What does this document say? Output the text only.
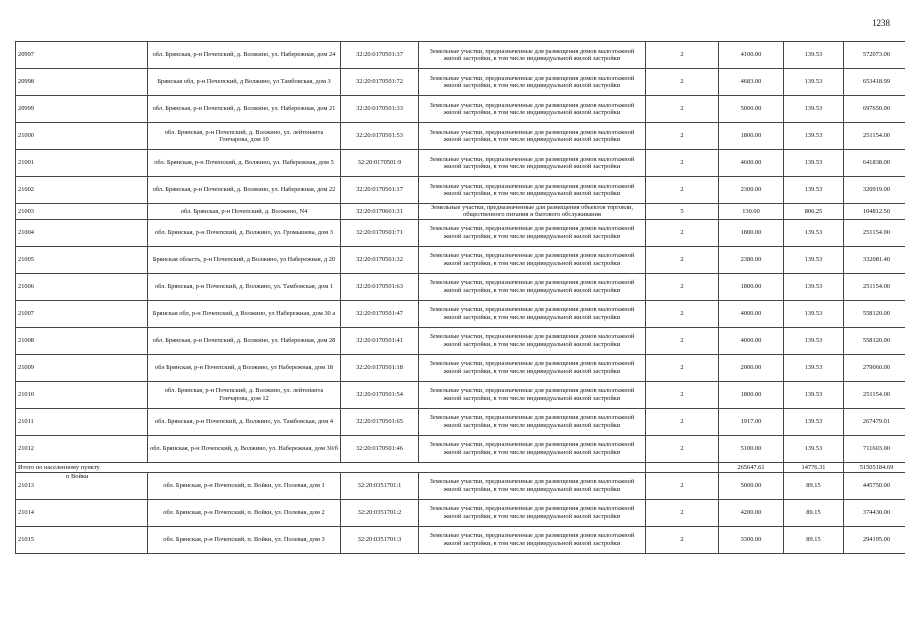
1238
20997	обл. Брянская, р-н Почепский, д. Волжино, ул. Набережная, дом 24	32:20:0170501:37	Земельные участки, предназначенные для размещения домов малоэтажной жилой застройки, в том числе индивидуальной жилой застройки	2	4100.00	139.53	572073.00
20998	Брянская обл, р-н Почепский, д Волжино, ул Тамбовская, дом 3	32:20:0170501:72	Земельные участки, предназначенные для размещения домов малоэтажной жилой застройки, в том числе индивидуальной жилой застройки	2	4683.00	139.53	653418.99
20999	обл. Брянская, р-н Почепский, д. Волжино, ул. Набережная, дом 21	32:20:0170501:33	Земельные участки, предназначенные для размещения домов малоэтажной жилой застройки, в том числе индивидуальной жилой застройки	2	5000.00	139.53	697650.00
21000	обл. Брянская, р-н Почепский, д. Волжино, ул. лейтенанта Гончарова, дом 10	32:20:0170501:53	Земельные участки, предназначенные для размещения домов малоэтажной жилой застройки, в том числе индивидуальной жилой застройки	2	1800.00	139.53	251154.00
21001	обл. Брянская, р-н Почепский, д. Волжино, ул. Набережная, дом 5	32:20:0170501:9	Земельные участки, предназначенные для размещения домов малоэтажной жилой застройки, в том числе индивидуальной жилой застройки	2	4600.00	139.53	641838.00
21002	обл. Брянская, р-н Почепский, д. Волжино, ул. Набережная, дом 22	32:20:0170501:17	Земельные участки, предназначенные для размещения домов малоэтажной жилой застройки, в том числе индивидуальной жилой застройки	2	2300.00	139.53	320919.00
21003	обл. Брянская, р-н Почепский, д. Волжино, N4	32:20:0170601:31	Земельные участки, предназначенные для размещения объектов торговли, общественного питания и бытового обслуживания	5	130.00	806.25	104812.50
21004	обл. Брянская, р-н Почепский, д. Волжино, ул. Громышева, дом 3	32:20:0170501:71	Земельные участки, предназначенные для размещения домов малоэтажной жилой застройки, в том числе индивидуальной жилой застройки	2	1800.00	139.53	251154.00
21005	Брянская область, р-н Почепский, д Волжино, ул Набережная, д 20	32:20:0170501:32	Земельные участки, предназначенные для размещения домов малоэтажной жилой застройки, в том числе индивидуальной жилой застройки	2	2380.00	139.53	332081.40
21006	обл. Брянская, р-н Почепский, д. Волжино, ул. Тамбовская, дом 1	32:20:0170501:63	Земельные участки, предназначенные для размещения домов малоэтажной жилой застройки, в том числе индивидуальной жилой застройки	2	1800.00	139.53	251154.00
21007	Брянская обл, р-н Почепский, д Волжино, ул Набережная, дом 30 а	32:20:0170501:47	Земельные участки, предназначенные для размещения домов малоэтажной жилой застройки, в том числе индивидуальной жилой застройки	2	4000.00	139.53	558120.00
21008	обл. Брянская, р-н Почепский, д. Волжино, ул. Набережная, дом 28	32:20:0170501:41	Земельные участки, предназначенные для размещения домов малоэтажной жилой застройки, в том числе индивидуальной жилой застройки	2	4000.00	139.53	558120.00
21009	обл Брянская, р-н Почепский, д Волжино, ул Набережная, дом 18	32:20:0170501:18	Земельные участки, предназначенные для размещения домов малоэтажной жилой застройки, в том числе индивидуальной жилой застройки	2	2000.00	139.53	279060.00
21010	обл. Брянская, р-н Почепский, д. Волжино, ул. лейтенанта Гончарова, дом 12	32:20:0170501:54	Земельные участки, предназначенные для размещения домов малоэтажной жилой застройки, в том числе индивидуальной жилой застройки	2	1800.00	139.53	251154.00
21011	обл. Брянская, р-н Почепский, д. Волжино, ул. Тамбовская, дом 4	32:20:0170501:65	Земельные участки, предназначенные для размещения домов малоэтажной жилой застройки, в том числе индивидуальной жилой застройки	2	1917.00	139.53	267479.01
21012	обл. Брянская, р-н Почепский, д. Волжино, ул. Набережная, дом 30/б	32:20:0170501:46	Земельные участки, предназначенные для размещения домов малоэтажной жилой застройки, в том числе индивидуальной жилой застройки	2	5100.00	139.53	711603.00
Итого по населенному пункту					265647.61	14776.31	51505184.69

п Войки
21013	обл. Брянская, р-н Почепский, п. Войки, ул. Полевая, дом 1	32:20:0351701:1	Земельные участки, предназначенные для размещения домов малоэтажной жилой застройки, в том числе индивидуальной жилой застройки	2	5000.00	89.15	445750.00
21014	обл. Брянская, р-н Почепский, п. Войки, ул. Полевая, дом 2	32:20:0351701:2	Земельные участки, предназначенные для размещения домов малоэтажной жилой застройки, в том числе индивидуальной жилой застройки	2	4200.00	89.15	374430.00
21015	обл. Брянская, р-н Почепский, п. Войки, ул. Полевая, дом 3	32:20:0351701:3	Земельные участки, предназначенные для размещения домов малоэтажной жилой застройки, в том числе индивидуальной жилой застройки	2	3300.00	89.15	294195.00
